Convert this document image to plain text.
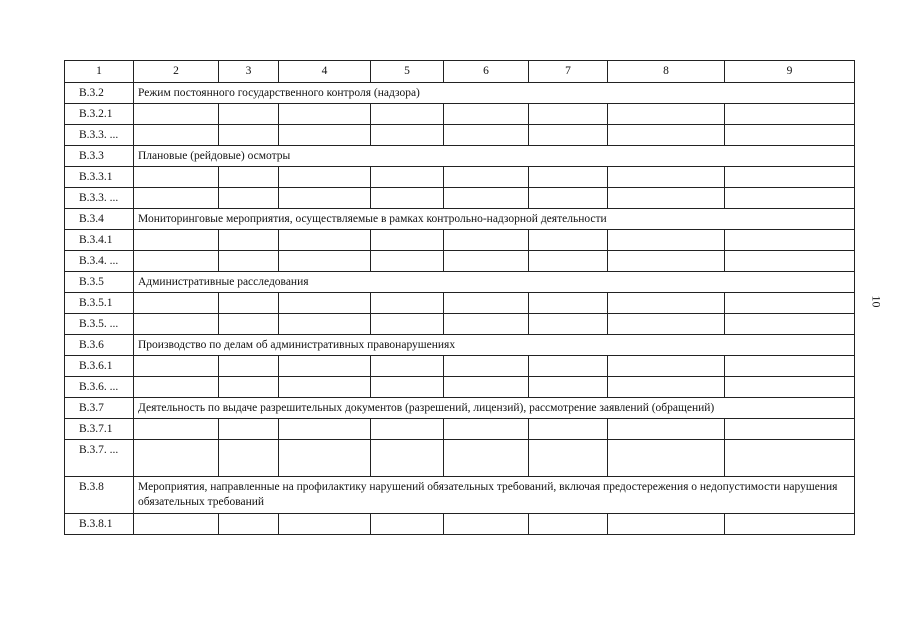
1	2	3	4	5	6	7	8	9
В.3.2	Режим постоянного государственного контроля (надзора)							
В.3.2.1								
В.3.3. ...								
В.3.3	Плановые (рейдовые) осмотры							
В.3.3.1								
В.3.3. ...								
В.3.4	Мониторинговые мероприятия, осуществляемые в рамках контрольно-надзорной деятельности							
В.3.4.1								
В.3.4. ...								
В.3.5	Административные расследования							
В.3.5.1								
В.3.5. ...								
В.3.6	Производство по делам об административных правонарушениях							
В.3.6.1								
В.3.6. ...								
В.3.7	Деятельность по выдаче разрешительных документов (разрешений, лицензий), рассмотрение заявлений (обращений)							
В.3.7.1								
В.3.7. ...								
В.3.8	Мероприятия, направленные на профилактику нарушений обязательных требований, включая предостережения о недопустимости нарушения обязательных требований							
В.3.8.1								
10
